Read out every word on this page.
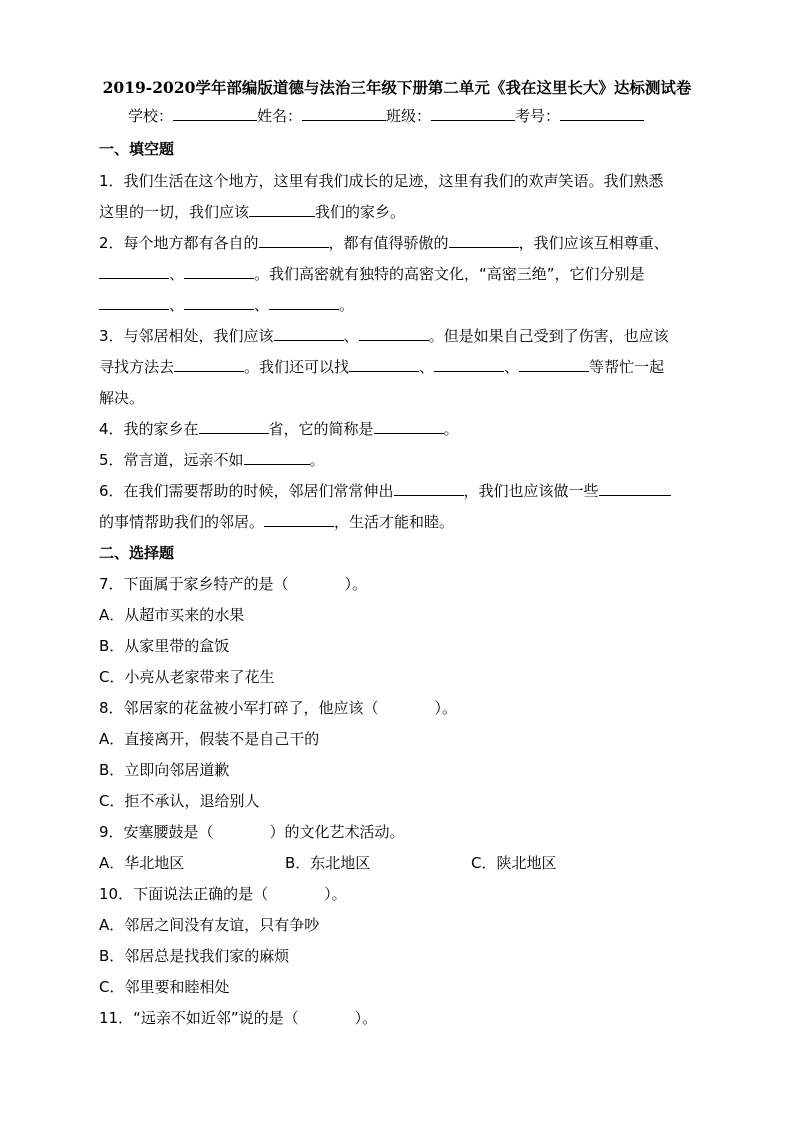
2019-2020学年部编版道德与法治三年级下册第二单元《我在这里长大》达标测试卷
学校：	姓名：	班级：	考号：
一、填空题
1．我们生活在这个地方，这里有我们成长的足迹，这里有我们的欢声笑语。我们熟悉
这里的一切，我们应该	我们的家乡。
2．每个地方都有各自的	，都有值得骄傲的	，我们应该互相尊重、
、	。我们高密就有独特的高密文化，“高密三绝”，它们分别是
、	、	。
3．与邻居相处，我们应该	、	。但是如果自己受到了伤害，也应该
寻找方法去	。我们还可以找	、	、	等帮忙一起
解决。
4．我的家乡在	省，它的简称是	。
5．常言道，远亲不如	。
6．在我们需要帮助的时候，邻居们常常伸出	，我们也应该做一些
的事情帮助我们的邻居。	，生活才能和睦。
二、选择题
7．下面属于家乡特产的是（	）。
A．从超市买来的水果
B．从家里带的盒饭
C．小亮从老家带来了花生
8．邻居家的花盆被小军打碎了，他应该（	）。
A．直接离开，假装不是自己干的
B．立即向邻居道歉
C．拒不承认，退给别人
9．安塞腰鼓是（	）的文化艺术活动。
A．华北地区	B．东北地区	C．陕北地区
10．下面说法正确的是（	）。
A．邻居之间没有友谊，只有争吵
B．邻居总是找我们家的麻烦
C．邻里要和睦相处
11．“远亲不如近邻”说的是（	）。
